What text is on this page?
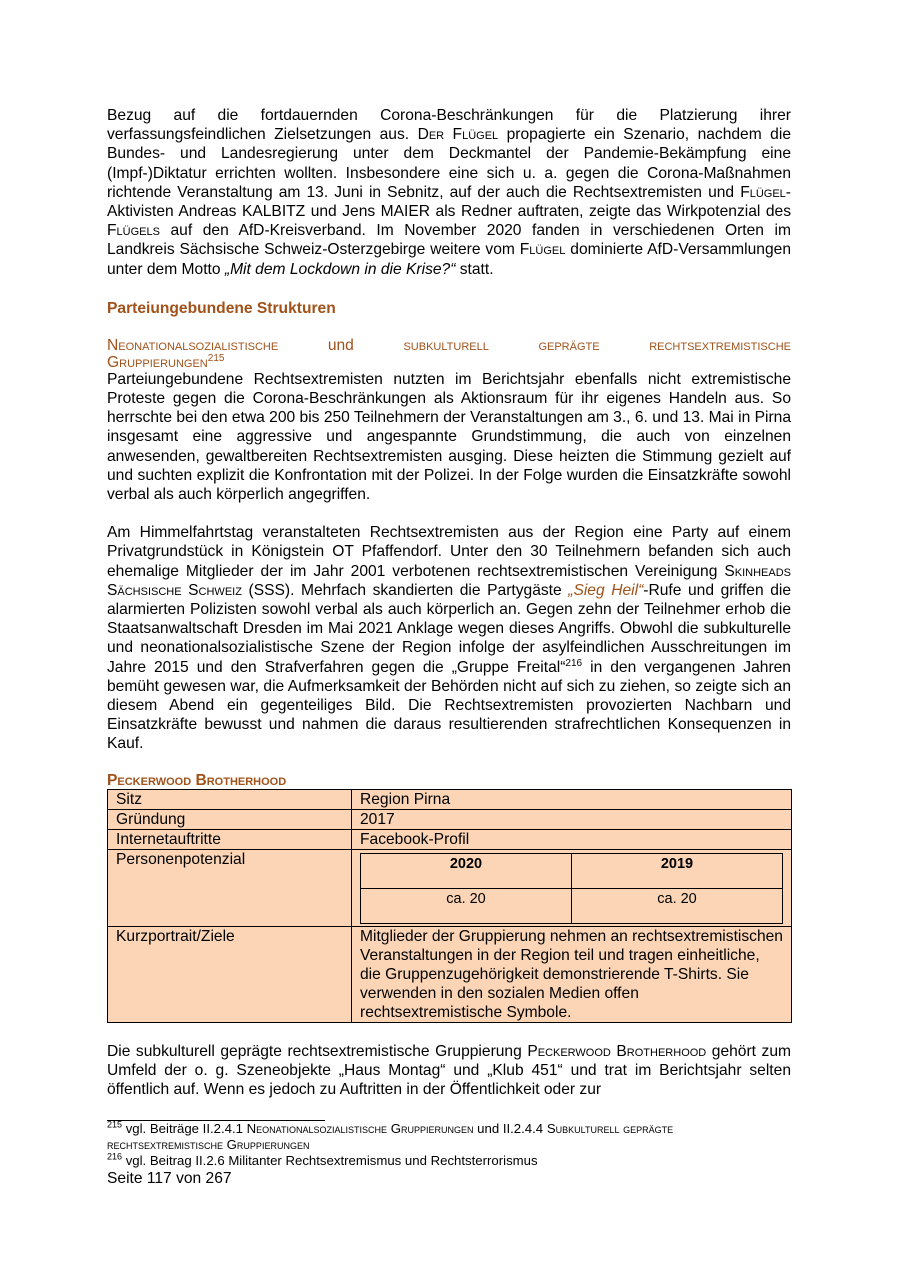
Bezug auf die fortdauernden Corona-Beschränkungen für die Platzierung ihrer verfassungsfeindlichen Zielsetzungen aus. Der Flügel propagierte ein Szenario, nachdem die Bundes- und Landesregierung unter dem Deckmantel der Pandemie-Bekämpfung eine (Impf-)Diktatur errichten wollten. Insbesondere eine sich u. a. gegen die Corona-Maßnahmen richtende Veranstaltung am 13. Juni in Sebnitz, auf der auch die Rechtsextremisten und Flügel-Aktivisten Andreas KALBITZ und Jens MAIER als Redner auftraten, zeigte das Wirkpotenzial des Flügels auf den AfD-Kreisverband. Im November 2020 fanden in verschiedenen Orten im Landkreis Sächsische Schweiz-Osterzgebirge weitere vom Flügel dominierte AfD-Versammlungen unter dem Motto „Mit dem Lockdown in die Krise?“ statt.

Parteiungebundene Strukturen
Neonationalsozialistische	und	subkulturell	geprägte	rechtsextremistische
Gruppierungen$^{215}$

Parteiungebundene Rechtsextremisten nutzten im Berichtsjahr ebenfalls nicht extremistische Proteste gegen die Corona-Beschränkungen als Aktionsraum für ihr eigenes Handeln aus. So herrschte bei den etwa 200 bis 250 Teilnehmern der Veranstaltungen am 3., 6. und 13. Mai in Pirna insgesamt eine aggressive und angespannte Grundstimmung, die auch von einzelnen anwesenden, gewaltbereiten Rechtsextremisten ausging. Diese heizten die Stimmung gezielt auf und suchten explizit die Konfrontation mit der Polizei. In der Folge wurden die Einsatzkräfte sowohl verbal als auch körperlich angegriffen.

Am Himmelfahrtstag veranstalteten Rechtsextremisten aus der Region eine Party auf einem Privatgrundstück in Königstein OT Pfaffendorf. Unter den 30 Teilnehmern befanden sich auch ehemalige Mitglieder der im Jahr 2001 verbotenen rechtsextremistischen Vereinigung Skinheads Sächsische Schweiz (SSS). Mehrfach skandierten die Partygäste „Sieg Heil“-Rufe und griffen die alarmierten Polizisten sowohl verbal als auch körperlich an. Gegen zehn der Teilnehmer erhob die Staatsanwaltschaft Dresden im Mai 2021 Anklage wegen dieses Angriffs. Obwohl die subkulturelle und neonationalsozialistische Szene der Region infolge der asylfeindlichen Ausschreitungen im Jahre 2015 und den Strafverfahren gegen die „Gruppe Freital“$^{216}$ in den vergangenen Jahren bemüht gewesen war, die Aufmerksamkeit der Behörden nicht auf sich zu ziehen, so zeigte sich an diesem Abend ein gegenteiliges Bild. Die Rechtsextremisten provozierten Nachbarn und Einsatzkräfte bewusst und nahmen die daraus resultierenden strafrechtlichen Konsequenzen in Kauf.

Peckerwood Brotherhood
Sitz	Region Pirna
Gründung	2017
Internetauftritte	Facebook-Profil
Personenpotenzial		2020	2019
ca. 20	ca. 20

Kurzportrait/Ziele	Mitglieder der Gruppierung nehmen an rechtsextremistischen Veranstaltungen in der Region teil und tragen einheitliche, die Gruppenzugehörigkeit demonstrierende T-Shirts. Sie verwenden in den sozialen Medien offen rechtsextremistische Symbole.

Die subkulturell geprägte rechtsextremistische Gruppierung Peckerwood Brotherhood gehört zum Umfeld der o. g. Szeneobjekte „Haus Montag“ und „Klub 451“ und trat im Berichtsjahr selten öffentlich auf. Wenn es jedoch zu Auftritten in der Öffentlichkeit oder zur

$^{215}$ vgl. Beiträge II.2.4.1 Neonationalsozialistische Gruppierungen und II.2.4.4 Subkulturell geprägte rechtsextremistische Gruppierungen

$^{216}$ vgl. Beitrag II.2.6 Militanter Rechtsextremismus und Rechtsterrorismus

Seite 117 von 267
